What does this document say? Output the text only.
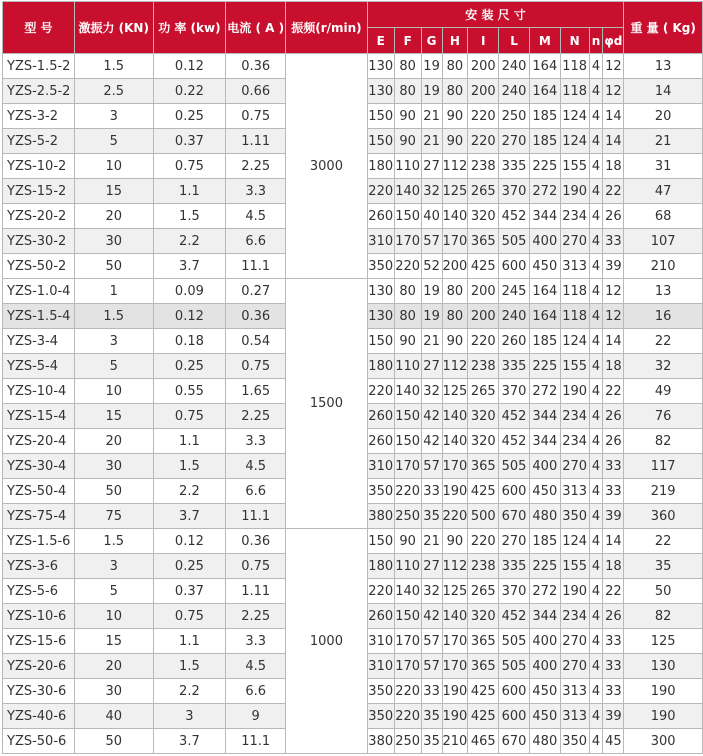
型 号	激振力 (KN)	功 率 (kw)	电流 ( A )	振频(r/min)	安 装 尺 寸										重 量 ( Kg)
					E	F	G	H	I	L	M	N	n	φd	
YZS-1.5-2	1.5	0.12	0.36	3000	130	80	19	80	200	240	164	118	4	12	13
YZS-2.5-2	2.5	0.22	0.66		130	80	19	80	200	240	164	118	4	12	14
YZS-3-2	3	0.25	0.75		150	90	21	90	220	250	185	124	4	14	20
YZS-5-2	5	0.37	1.11		150	90	21	90	220	270	185	124	4	14	21
YZS-10-2	10	0.75	2.25		180	110	27	112	238	335	225	155	4	18	31
YZS-15-2	15	1.1	3.3		220	140	32	125	265	370	272	190	4	22	47
YZS-20-2	20	1.5	4.5		260	150	40	140	320	452	344	234	4	26	68
YZS-30-2	30	2.2	6.6		310	170	57	170	365	505	400	270	4	33	107
YZS-50-2	50	3.7	11.1		350	220	52	200	425	600	450	313	4	39	210
YZS-1.0-4	1	0.09	0.27	1500	130	80	19	80	200	245	164	118	4	12	13
YZS-1.5-4	1.5	0.12	0.36		130	80	19	80	200	240	164	118	4	12	16
YZS-3-4	3	0.18	0.54		150	90	21	90	220	260	185	124	4	14	22
YZS-5-4	5	0.25	0.75		180	110	27	112	238	335	225	155	4	18	32
YZS-10-4	10	0.55	1.65		220	140	32	125	265	370	272	190	4	22	49
YZS-15-4	15	0.75	2.25		260	150	42	140	320	452	344	234	4	26	76
YZS-20-4	20	1.1	3.3		260	150	42	140	320	452	344	234	4	26	82
YZS-30-4	30	1.5	4.5		310	170	57	170	365	505	400	270	4	33	117
YZS-50-4	50	2.2	6.6		350	220	33	190	425	600	450	313	4	33	219
YZS-75-4	75	3.7	11.1		380	250	35	220	500	670	480	350	4	39	360
YZS-1.5-6	1.5	0.12	0.36	1000	150	90	21	90	220	270	185	124	4	14	22
YZS-3-6	3	0.25	0.75		180	110	27	112	238	335	225	155	4	18	35
YZS-5-6	5	0.37	1.11		220	140	32	125	265	370	272	190	4	22	50
YZS-10-6	10	0.75	2.25		260	150	42	140	320	452	344	234	4	26	82
YZS-15-6	15	1.1	3.3		310	170	57	170	365	505	400	270	4	33	125
YZS-20-6	20	1.5	4.5		310	170	57	170	365	505	400	270	4	33	130
YZS-30-6	30	2.2	6.6		350	220	33	190	425	600	450	313	4	33	190
YZS-40-6	40	3	9		350	220	35	190	425	600	450	313	4	39	190
YZS-50-6	50	3.7	11.1		380	250	35	210	465	670	480	350	4	45	300
